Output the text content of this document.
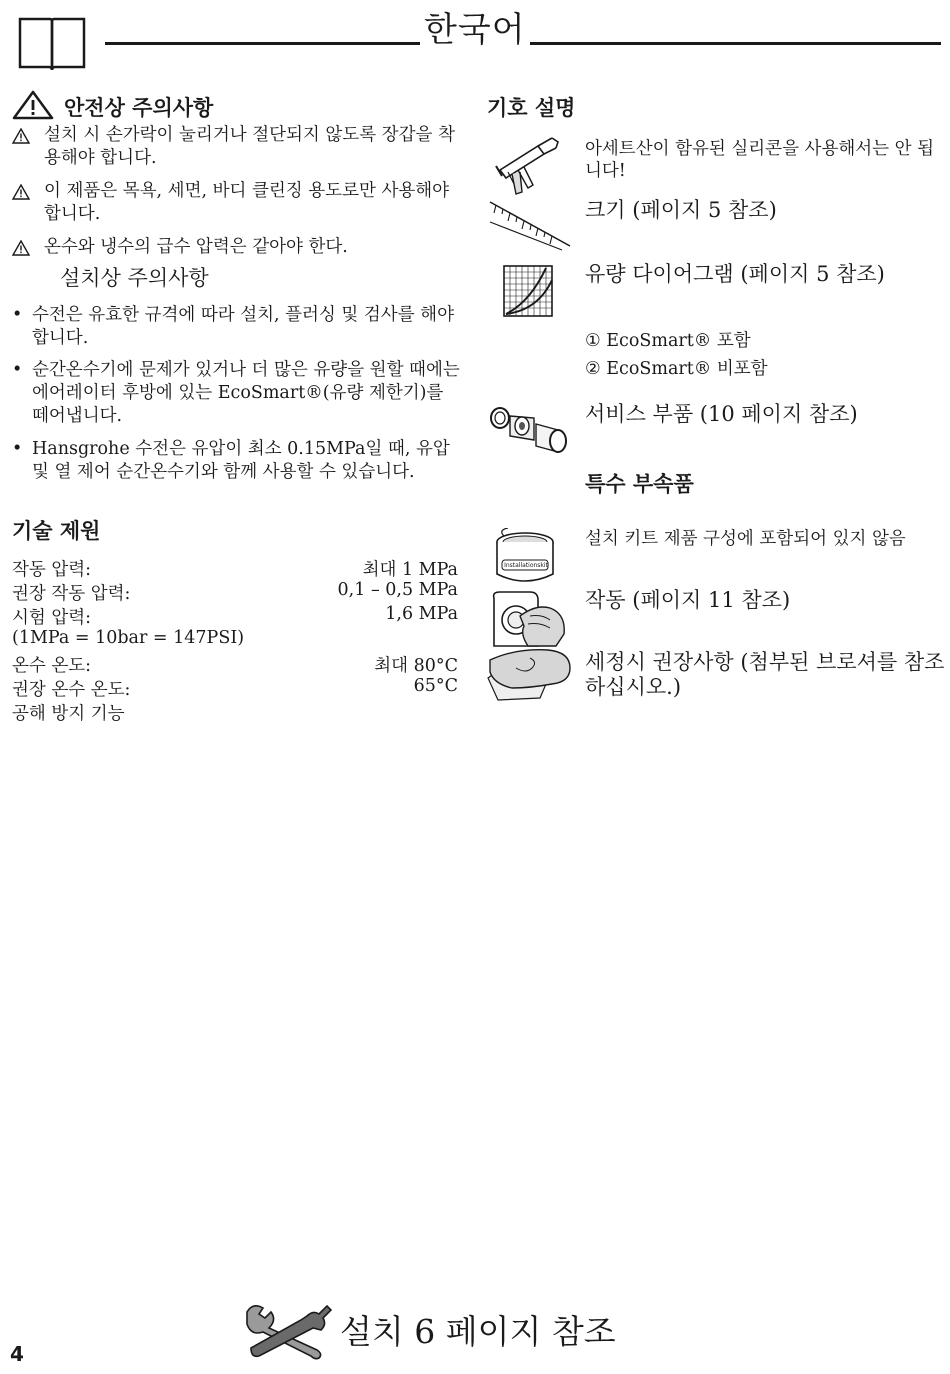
한국어
안전상 주의사항
설치 시 손가락이 눌리거나 절단되지 않도록 장갑을 착용해야 합니다.
이 제품은 목욕, 세면, 바디 클린징 용도로만 사용해야 합니다.
온수와 냉수의 급수 압력은 같아야 한다.
설치상 주의사항
• 수전은 유효한 규격에 따라 설치, 플러싱 및 검사를 해야 합니다.
• 순간온수기에 문제가 있거나 더 많은 유량을 원할 때에는 에어레이터 후방에 있는 EcoSmart®(유량 제한기)를 떼어냅니다.
• Hansgrohe 수전은 유압이 최소 0.15MPa일 때, 유압 및 열 제어 순간온수기와 함께 사용할 수 있습니다.
기술 제원
작동 압력:	최대 1 MPa
권장 작동 압력:	0,1 – 0,5 MPa
시험 압력:	1,6 MPa
(1MPa = 10bar = 147PSI)
온수 온도:	최대 80°C
권장 온수 온도:	65°C
공해 방지 기능
기호 설명
아세트산이 함유된 실리콘을 사용해서는 안 됩니다!
크기 (페이지 5 참조)
유량 다이어그램 (페이지 5 참조)
① EcoSmart® 포함
② EcoSmart® 비포함
서비스 부품 (10 페이지 참조)
특수 부속품
Installationskit
설치 키트 제품 구성에 포함되어 있지 않음
작동 (페이지 11 참조)
세정시 권장사항 (첨부된 브로셔를 참조하십시오.)
설치 6 페이지 참조
4
